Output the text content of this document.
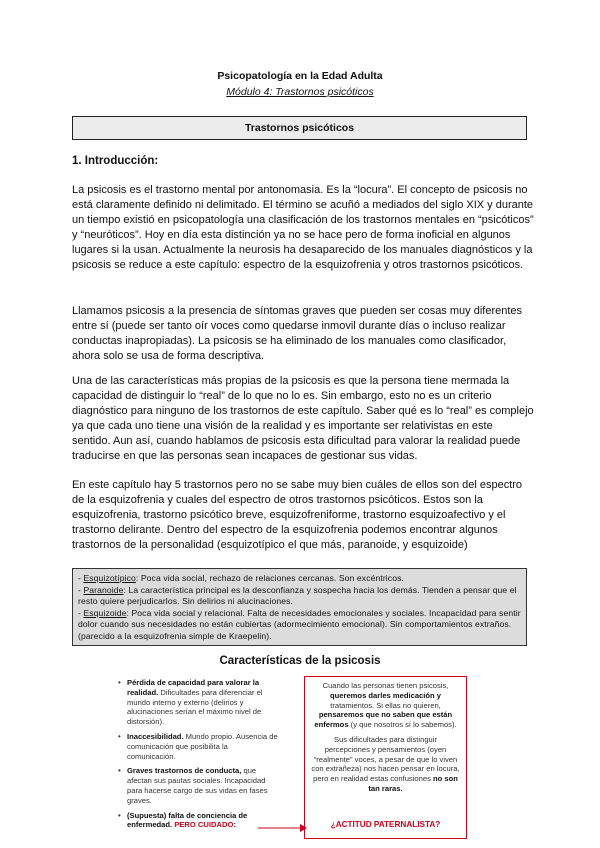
Psicopatología en la Edad Adulta
Módulo 4: Trastornos psicóticos
Trastornos psicóticos
1. Introducción:

La psicosis es el trastorno mental por antonomasia. Es la “locura”. El concepto de psicosis no está claramente definido ni delimitado. El término se acuñó a mediados del siglo XIX y durante un tiempo existió en psicopatología una clasificación de los trastornos mentales en “psicóticos” y “neuróticos”. Hoy en día esta distinción ya no se hace pero de forma inoficial en algunos lugares si la usan. Actualmente la neurosis ha desaparecido de los manuales diagnósticos y la psicosis se reduce a este capítulo: espectro de la esquizofrenia y otros trastornos psicóticos.

Llamamos psicosis a la presencia de síntomas graves que pueden ser cosas muy diferentes entre sí (puede ser tanto oír voces como quedarse inmovil durante días o incluso realizar conductas inapropiadas). La psicosis se ha eliminado de los manuales como clasificador, ahora solo se usa de forma descriptiva.

Una de las características más propias de la psicosis es que la persona tiene mermada la capacidad de distinguir lo “real” de lo que no lo es. Sin embargo, esto no es un criterio diagnóstico para ninguno de los trastornos de este capítulo. Saber qué es lo “real” es complejo ya que cada uno tiene una visión de la realidad y es importante ser relativistas en este sentido. Aun así, cuando hablamos de psicosis esta dificultad para valorar la realidad puede traducirse en que las personas sean incapaces de gestionar sus vidas.

En este capítulo hay 5 trastornos pero no se sabe muy bien cuáles de ellos son del espectro de la esquizofrenia y cuales del espectro de otros trastornos psicóticos. Estos son la esquizofrenia, trastorno psicótico breve, esquizofreniforme, trastorno esquizoafectivo y el trastorno delirante. Dentro del espectro de la esquizofrenia podemos encontrar algunos trastornos de la personalidad (esquizotípico el que más, paranoide, y esquizoide)

- Esquizotípico: Poca vida social, rechazo de relaciones cercanas. Son excéntricos.
- Paranoide: La característica principal es la desconfianza y sospecha hacia los demás. Tienden a pensar que el resto quiere perjudicarlos. Sin delirios ni alucinaciones.
- Esquizoide: Poca vida social y relacional. Falta de necesidades emocionales y sociales. Incapacidad para sentir dolor cuando sus necesidades no están cubiertas (adormecimiento emocional). Sin comportamientos extraños. (parecido a la esquizofrenia simple de Kraepelin).
Características de la psicosis
• Pérdida de capacidad para valorar la realidad. Dificultades para diferenciar el mundo interno y externo (delirios y alucinaciones serían el máximo nivel de distorsión).
• Inaccesibilidad. Mundo propio. Ausencia de comunicación que posibilita la comunicación.
• Graves trastornos de conducta, que afectan sus pautas sociales. Incapacidad para hacerse cargo de sus vidas en fases graves.
• (Supuesta) falta de conciencia de enfermedad. PERO CUIDADO:

Cuando las personas tienen psicosis, queremos darles medicación y tratamientos. Si ellas no quieren, pensaremos que no saben que están enfermos (y que nosotros sí lo sabemos).

Sus dificultades para distinguir percepciones y pensamientos (oyen “realmente” voces, a pesar de que lo viven con extrañeza) nos hacen pensar en locura, pero en realidad estas confusiones no son tan raras.

¿ACTITUD PATERNALISTA?
